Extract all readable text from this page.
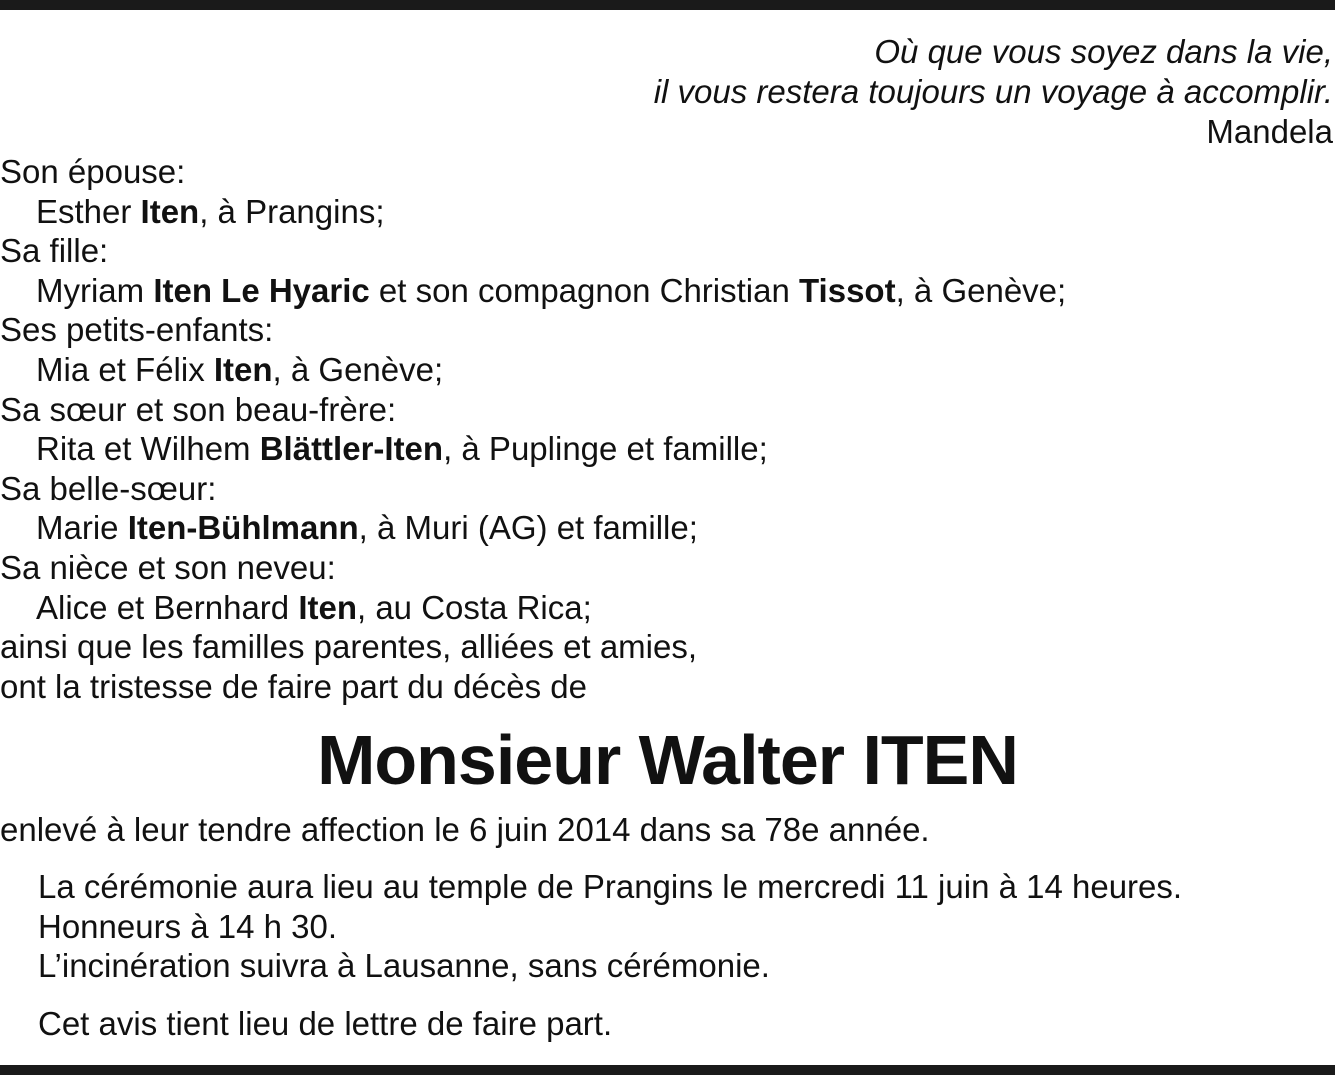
Où que vous soyez dans la vie,
il vous restera toujours un voyage à accomplir.
Mandela
Son épouse:
Esther Iten, à Prangins;
Sa fille:
Myriam Iten Le Hyaric et son compagnon Christian Tissot, à Genève;
Ses petits-enfants:
Mia et Félix Iten, à Genève;
Sa sœur et son beau-frère:
Rita et Wilhem Blättler-Iten, à Puplinge et famille;
Sa belle-sœur:
Marie Iten-Bühlmann, à Muri (AG) et famille;
Sa nièce et son neveu:
Alice et Bernhard Iten, au Costa Rica;
ainsi que les familles parentes, alliées et amies,
ont la tristesse de faire part du décès de
Monsieur Walter ITEN
enlevé à leur tendre affection le 6 juin 2014 dans sa 78e année.
La cérémonie aura lieu au temple de Prangins le mercredi 11 juin à 14 heures.
Honneurs à 14 h 30.
L’incinération suivra à Lausanne, sans cérémonie.
Cet avis tient lieu de lettre de faire part.
